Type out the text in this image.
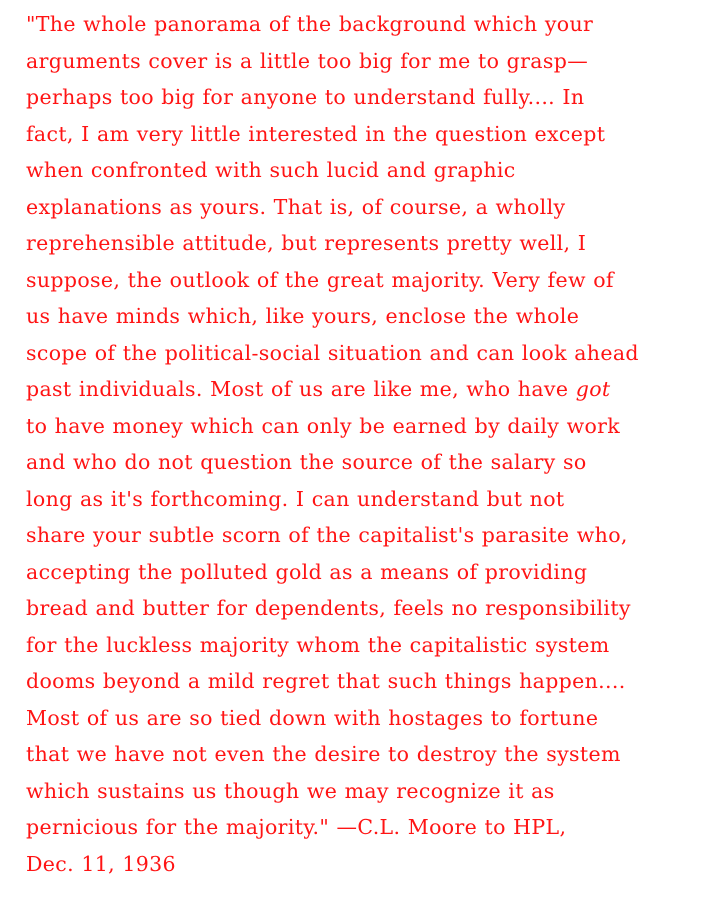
"The whole panorama of the background which your
arguments cover is a little too big for me to grasp—
perhaps too big for anyone to understand fully.... In
fact, I am very little interested in the question except
when confronted with such lucid and graphic
explanations as yours. That is, of course, a wholly
reprehensible attitude, but represents pretty well, I
suppose, the outlook of the great majority. Very few of
us have minds which, like yours, enclose the whole
scope of the political-social situation and can look ahead
past individuals. Most of us are like me, who have got
to have money which can only be earned by daily work
and who do not question the source of the salary so
long as it's forthcoming. I can understand but not
share your subtle scorn of the capitalist's parasite who,
accepting the polluted gold as a means of providing
bread and butter for dependents, feels no responsibility
for the luckless majority whom the capitalistic system
dooms beyond a mild regret that such things happen....
Most of us are so tied down with hostages to fortune
that we have not even the desire to destroy the system
which sustains us though we may recognize it as
pernicious for the majority." —C.L. Moore to HPL,
Dec. 11, 1936
